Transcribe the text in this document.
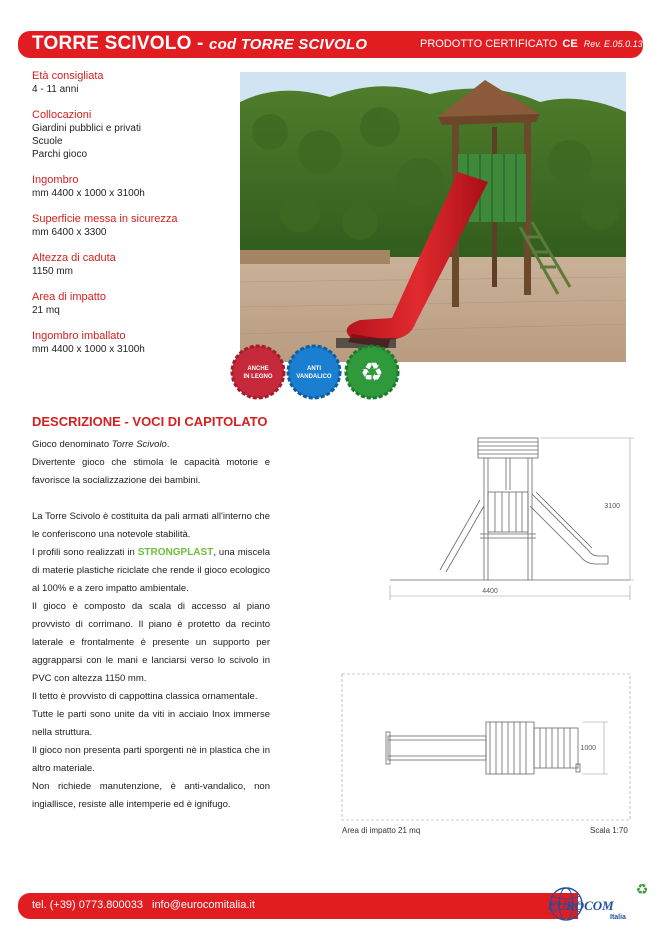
TORRE SCIVOLO - cod TORRE SCIVOLO	PRODOTTO CERTIFICATO CE Rev. E.05.0.13
Età consigliata
4 - 11 anni
Collocazioni
Giardini pubblici e privati
Scuole
Parchi gioco
Ingombro
mm 4400 x 1000 x 3100h
Superficie messa in sicurezza
mm 6400 x 3300
Altezza di caduta
1150 mm
Area di impatto
21 mq
Ingombro imballato
mm 4400 x 1000 x 3100h
ANCHE
IN LEGNO
ANTI
VANDALICO ♻
DESCRIZIONE - VOCI DI CAPITOLATO

Gioco denominato Torre Scivolo.

Divertente gioco che stimola le capacità motorie e favorisce la socializzazione dei bambini.

La Torre Scivolo è costituita da pali armati all'interno che le conferiscono una notevole stabilità.

I profili sono realizzati in STRONGPLAST, una miscela di materie plastiche riciclate che rende il gioco ecologico al 100% e a zero impatto ambientale.

Il gioco è composto da scala di accesso al piano provvisto di corrimano. Il piano è protetto da recinto laterale e frontalmente è presente un supporto per aggrapparsi con le mani e lanciarsi verso lo scivolo in PVC con altezza 1150 mm.

Il tetto è provvisto di cappottina classica ornamentale.

Tutte le parti sono unite da viti in acciaio Inox immerse nella struttura.

Il gioco non presenta parti sporgenti nè in plastica che in altro materiale.

Non richiede manutenzione, è anti-vandalico, non ingiallisce, resiste alle intemperie ed è ignifugo.

3100
4400
1000
Area di impatto 21 mq	Scala 1:70
tel. (+39) 0773.800033 info@eurocomitalia.it	EUROCOM
Italia
♻
